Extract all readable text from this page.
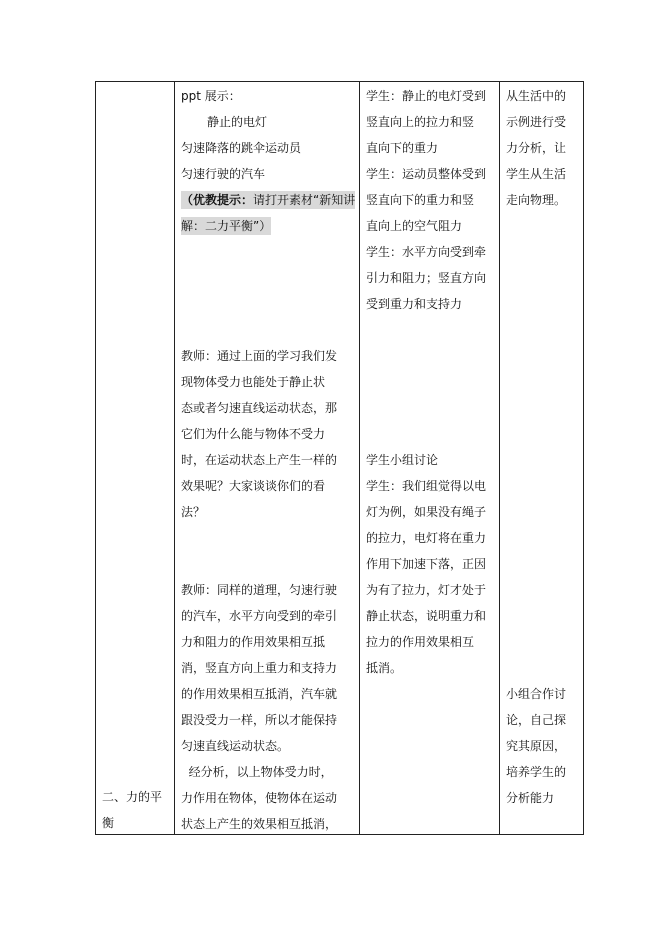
二、力的平
衡
ppt 展示：
静止的电灯
匀速降落的跳伞运动员
匀速行驶的汽车
（优教提示：请打开素材“新知讲
解：二力平衡”）
教师：通过上面的学习我们发
现物体受力也能处于静止状
态或者匀速直线运动状态，那
它们为什么能与物体不受力
时，在运动状态上产生一样的
效果呢？大家谈谈你们的看
法？
教师：同样的道理，匀速行驶
的汽车，水平方向受到的牵引
力和阻力的作用效果相互抵
消，竖直方向上重力和支持力
的作用效果相互抵消，汽车就
跟没受力一样，所以才能保持
匀速直线运动状态。
经分析，以上物体受力时，
力作用在物体，使物体在运动
状态上产生的效果相互抵消，
学生：静止的电灯受到
竖直向上的拉力和竖
直向下的重力
学生：运动员整体受到
竖直向下的重力和竖
直向上的空气阻力
学生：水平方向受到牵
引力和阻力；竖直方向
受到重力和支持力
学生小组讨论
学生：我们组觉得以电
灯为例，如果没有绳子
的拉力，电灯将在重力
作用下加速下落，正因
为有了拉力，灯才处于
静止状态，说明重力和
拉力的作用效果相互
抵消。
从生活中的
示例进行受
力分析，让
学生从生活
走向物理。
小组合作讨
论，自己探
究其原因，
培养学生的
分析能力
